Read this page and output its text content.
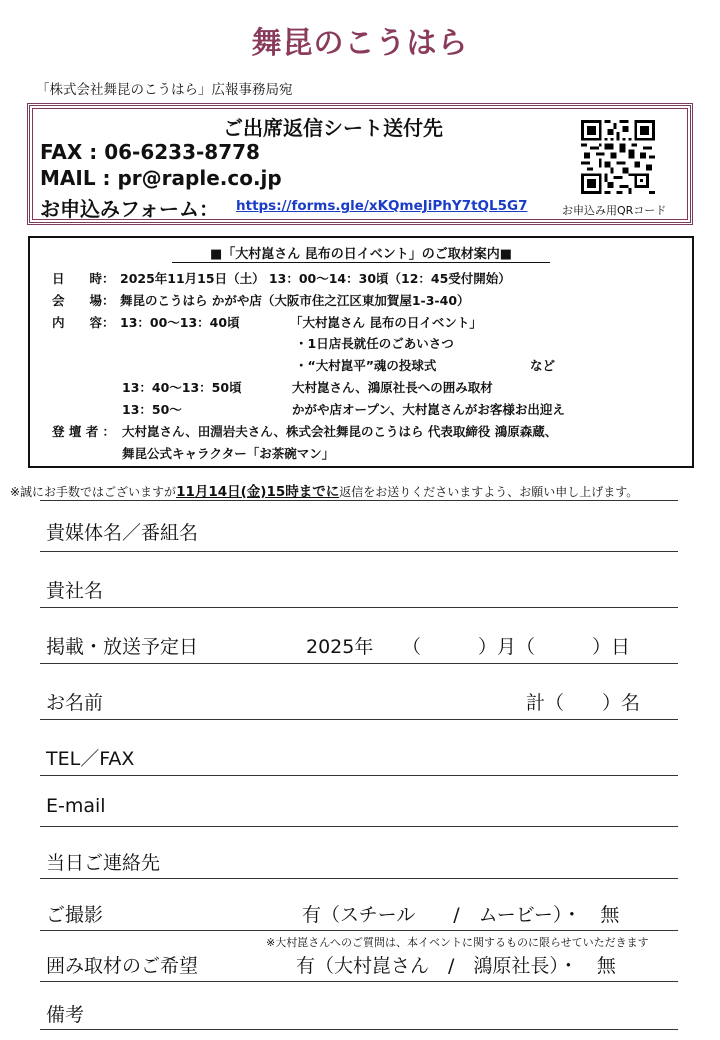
舞昆のこうはら
「株式会社舞昆のこうはら」広報事務局宛
ご出席返信シート送付先
FAX : 06-6233-8778
MAIL : pr@raple.co.jp
お申込みフォーム： https://forms.gle/xKQmeJiPhY7tQL5G7	お申込み用QRコード
■「大村崑さん 昆布の日イベント」のご取材案内■
日　　時： 2025年11月15日（土） 13：00～14：30頃（12：45受付開始）
会　　場： 舞昆のこうはら かがや店（大阪市住之江区東加賀屋1-3-40）
内　　容： 13：00～13：40頃	「大村崑さん 昆布の日イベント」
・1日店長就任のごあいさつ
・“大村崑平”魂の投球式	など
13：40～13：50頃	大村崑さん、鴻原社長への囲み取材
13：50～	かがや店オープン、大村崑さんがお客様お出迎え
登 壇 者 ： 大村崑さん、田淵岩夫さん、株式会社舞昆のこうはら 代表取締役 鴻原森蔵、
舞昆公式キャラクター「お茶碗マン」
※誠にお手数ではございますが11月14日(金)15時までに返信をお送りくださいますよう、お願い申し上げます。
貴媒体名／番組名
貴社名
掲載・放送予定日	2025年 （　　　）月（　　　）日
お名前	計（　　）名
TEL／FAX
E-mail
当日ご連絡先
ご撮影	有（スチール　　/　ムービー）・　無
※大村崑さんへのご質問は、本イベントに関するものに限らせていただきます
囲み取材のご希望	有（大村崑さん　/　鴻原社長）・　無
備考
